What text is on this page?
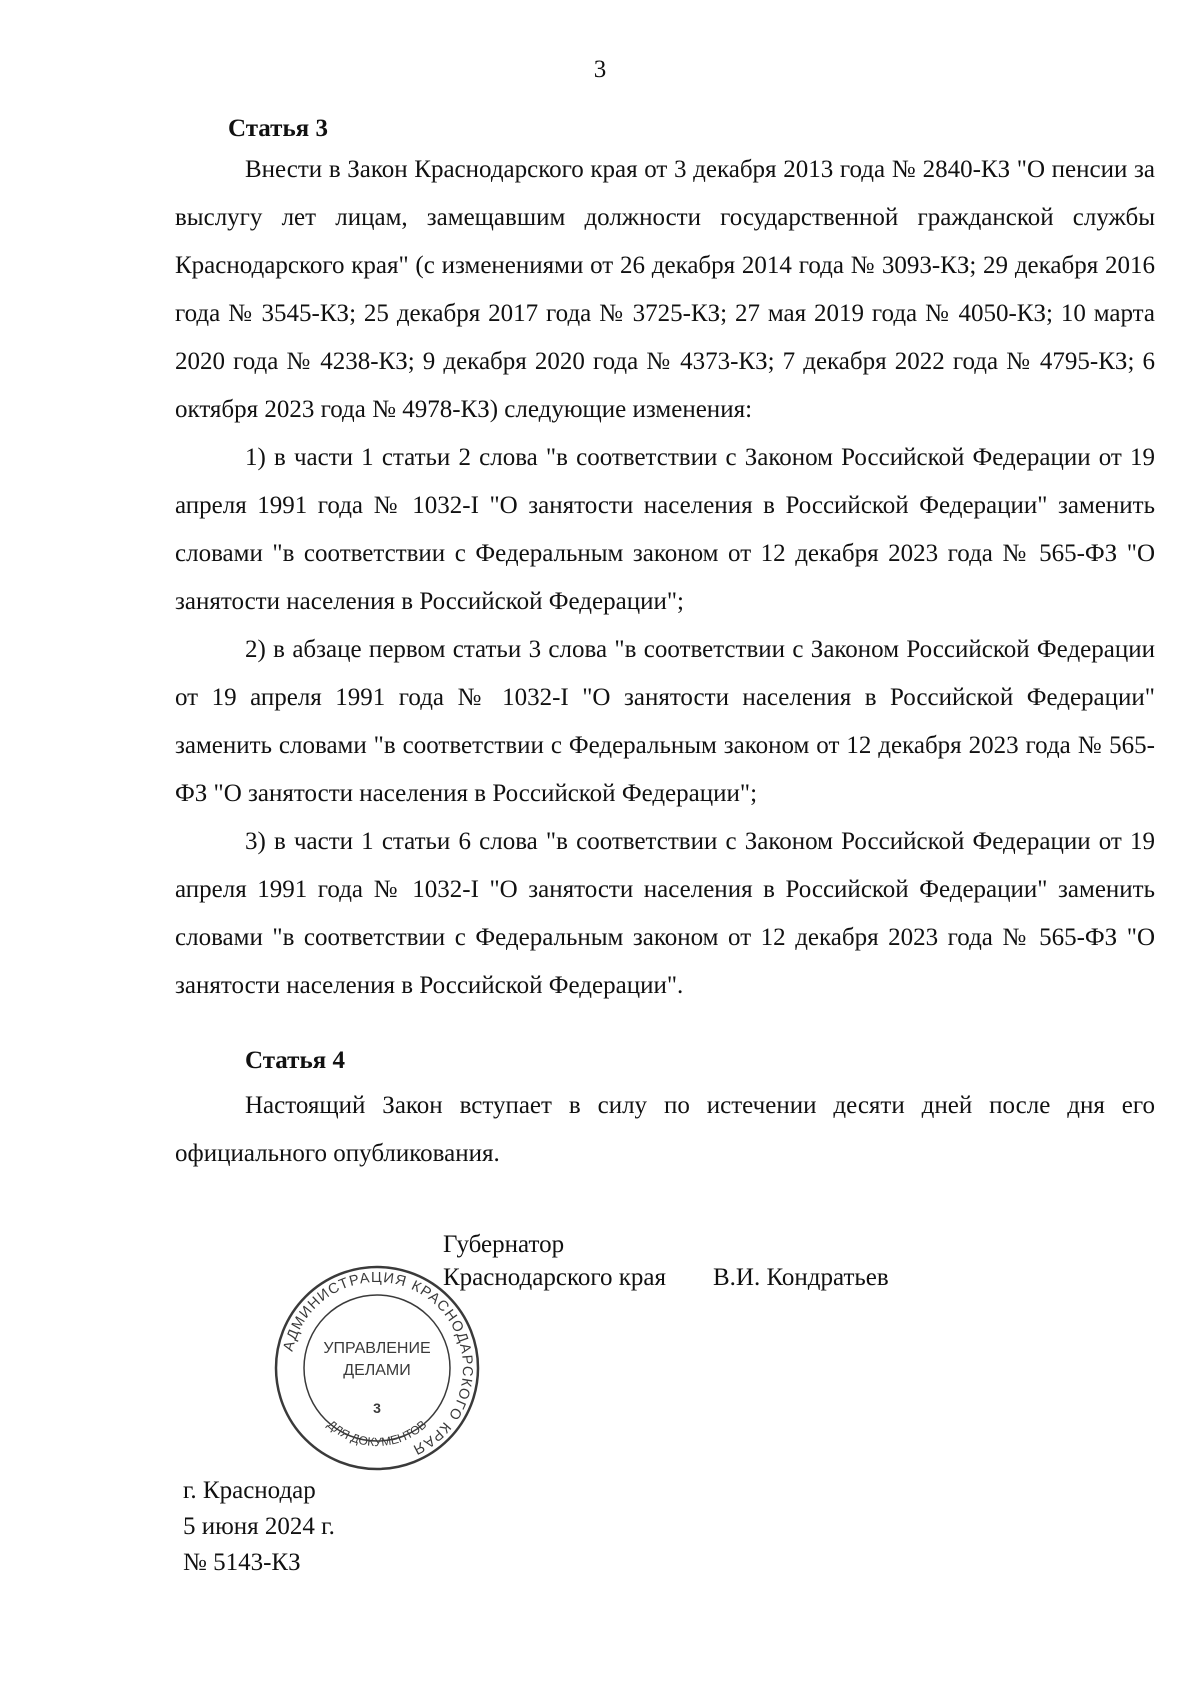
3
Статья 3

Внести в Закон Краснодарского края от 3 декабря 2013 года № 2840-КЗ "О пенсии за выслугу лет лицам, замещавшим должности государственной гражданской службы Краснодарского края" (с изменениями от 26 декабря 2014 года № 3093-КЗ; 29 декабря 2016 года № 3545-КЗ; 25 декабря 2017 года № 3725-КЗ; 27 мая 2019 года № 4050-КЗ; 10 марта 2020 года № 4238-КЗ; 9 декабря 2020 года № 4373-КЗ; 7 декабря 2022 года № 4795-КЗ; 6 октября 2023 года № 4978-КЗ) следующие изменения:

1) в части 1 статьи 2 слова "в соответствии с Законом Российской Федерации от 19 апреля 1991 года № 1032-I "О занятости населения в Российской Федерации" заменить словами "в соответствии с Федеральным законом от 12 декабря 2023 года № 565-ФЗ "О занятости населения в Российской Федерации";

2) в абзаце первом статьи 3 слова "в соответствии с Законом Российской Федерации от 19 апреля 1991 года № 1032-I "О занятости населения в Российской Федерации" заменить словами "в соответствии с Федеральным законом от 12 декабря 2023 года № 565-ФЗ "О занятости населения в Российской Федерации";

3) в части 1 статьи 6 слова "в соответствии с Законом Российской Федерации от 19 апреля 1991 года № 1032-I "О занятости населения в Российской Федерации" заменить словами "в соответствии с Федеральным законом от 12 декабря 2023 года № 565-ФЗ "О занятости населения в Российской Федерации".

Статья 4

Настоящий Закон вступает в силу по истечении десяти дней после дня его официального опубликования.

Губернатор
Краснодарского края В.И. Кондратьев
АДМИНИСТРАЦИЯ КРАСНОДАРСКОГО КРАЯ
УПРАВЛЕНИЕ
ДЕЛАМИ
3
ДЛЯ ДОКУМЕНТОВ
г. Краснодар
5 июня 2024 г.
№ 5143-КЗ
